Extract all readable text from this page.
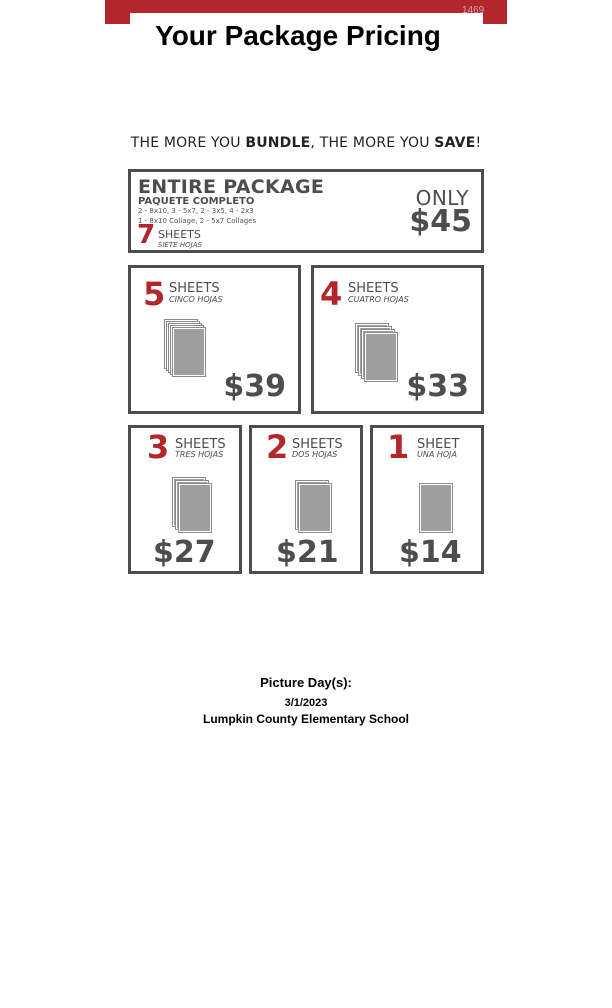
1469
Your Package Pricing
THE MORE YOU BUNDLE, THE MORE YOU SAVE!
ENTIRE PACKAGE
PAQUETE COMPLETO
2 - 8x10, 3 - 5x7, 2 - 3x5, 4 - 2x3
1 - 8x10 Collage, 2 - 5x7 Collages
7 SHEETS
SIETE HOJAS
ONLY
$45
5 SHEETS
CINCO HOJAS
$39
4 SHEETS
CUATRO HOJAS
$33
3 SHEETS
TRES HOJAS
$27
2 SHEETS
DOS HOJAS
$21
1 SHEET
UNA HOJA
$14
Picture Day(s):
3/1/2023
Lumpkin County Elementary School
